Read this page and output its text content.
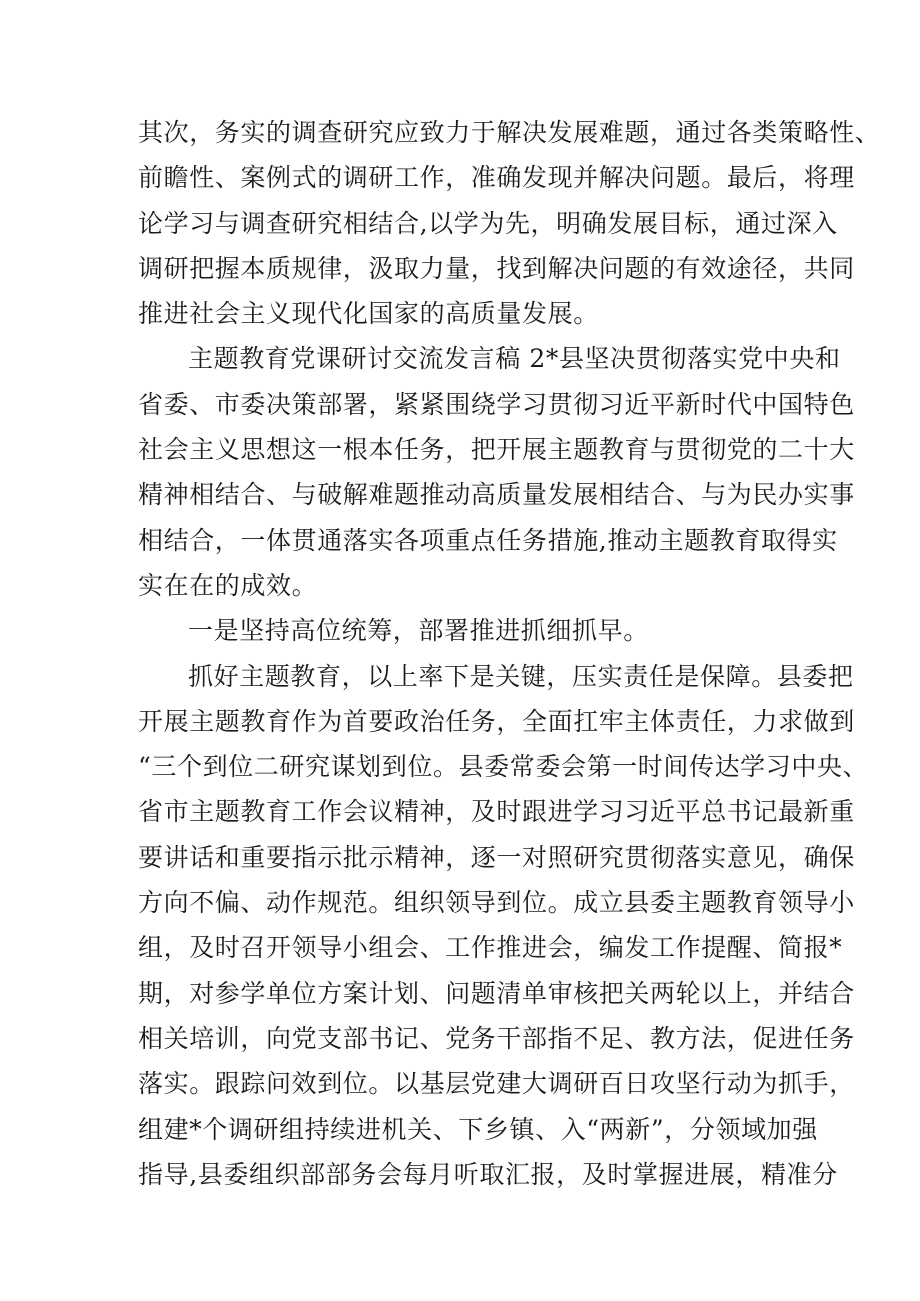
其次，务实的调查研究应致力于解决发展难题，通过各类策略性、
前瞻性、案例式的调研工作，准确发现并解决问题。最后，将理
论学习与调查研究相结合,以学为先，明确发展目标，通过深入
调研把握本质规律，汲取力量，找到解决问题的有效途径，共同
推进社会主义现代化国家的高质量发展。
主题教育党课研讨交流发言稿 2*县坚决贯彻落实党中央和
省委、市委决策部署，紧紧围绕学习贯彻习近平新时代中国特色
社会主义思想这一根本任务，把开展主题教育与贯彻党的二十大
精神相结合、与破解难题推动高质量发展相结合、与为民办实事
相结合，一体贯通落实各项重点任务措施,推动主题教育取得实
实在在的成效。
一是坚持高位统筹，部署推进抓细抓早。
抓好主题教育，以上率下是关键，压实责任是保障。县委把
开展主题教育作为首要政治任务，全面扛牢主体责任，力求做到
“三个到位二研究谋划到位。县委常委会第一时间传达学习中央、
省市主题教育工作会议精神，及时跟进学习习近平总书记最新重
要讲话和重要指示批示精神，逐一对照研究贯彻落实意见，确保
方向不偏、动作规范。组织领导到位。成立县委主题教育领导小
组，及时召开领导小组会、工作推进会，编发工作提醒、简报*
期，对参学单位方案计划、问题清单审核把关两轮以上，并结合
相关培训，向党支部书记、党务干部指不足、教方法，促进任务
落实。跟踪问效到位。以基层党建大调研百日攻坚行动为抓手，
组建*个调研组持续进机关、下乡镇、入“两新”，分领域加强
指导,县委组织部部务会每月听取汇报，及时掌握进展，精准分
